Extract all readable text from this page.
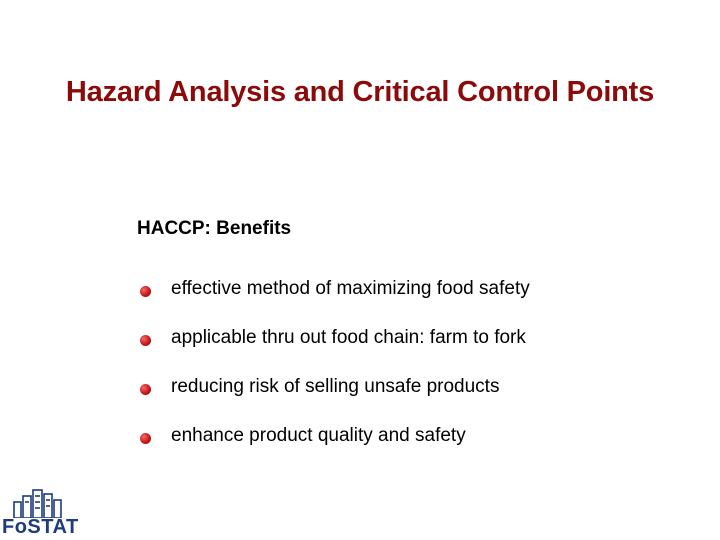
Hazard Analysis and Critical Control Points
HACCP: Benefits
effective method of maximizing food safety
applicable thru out food chain: farm to fork
reducing risk of selling unsafe products
enhance product quality and safety
FoSTAT
